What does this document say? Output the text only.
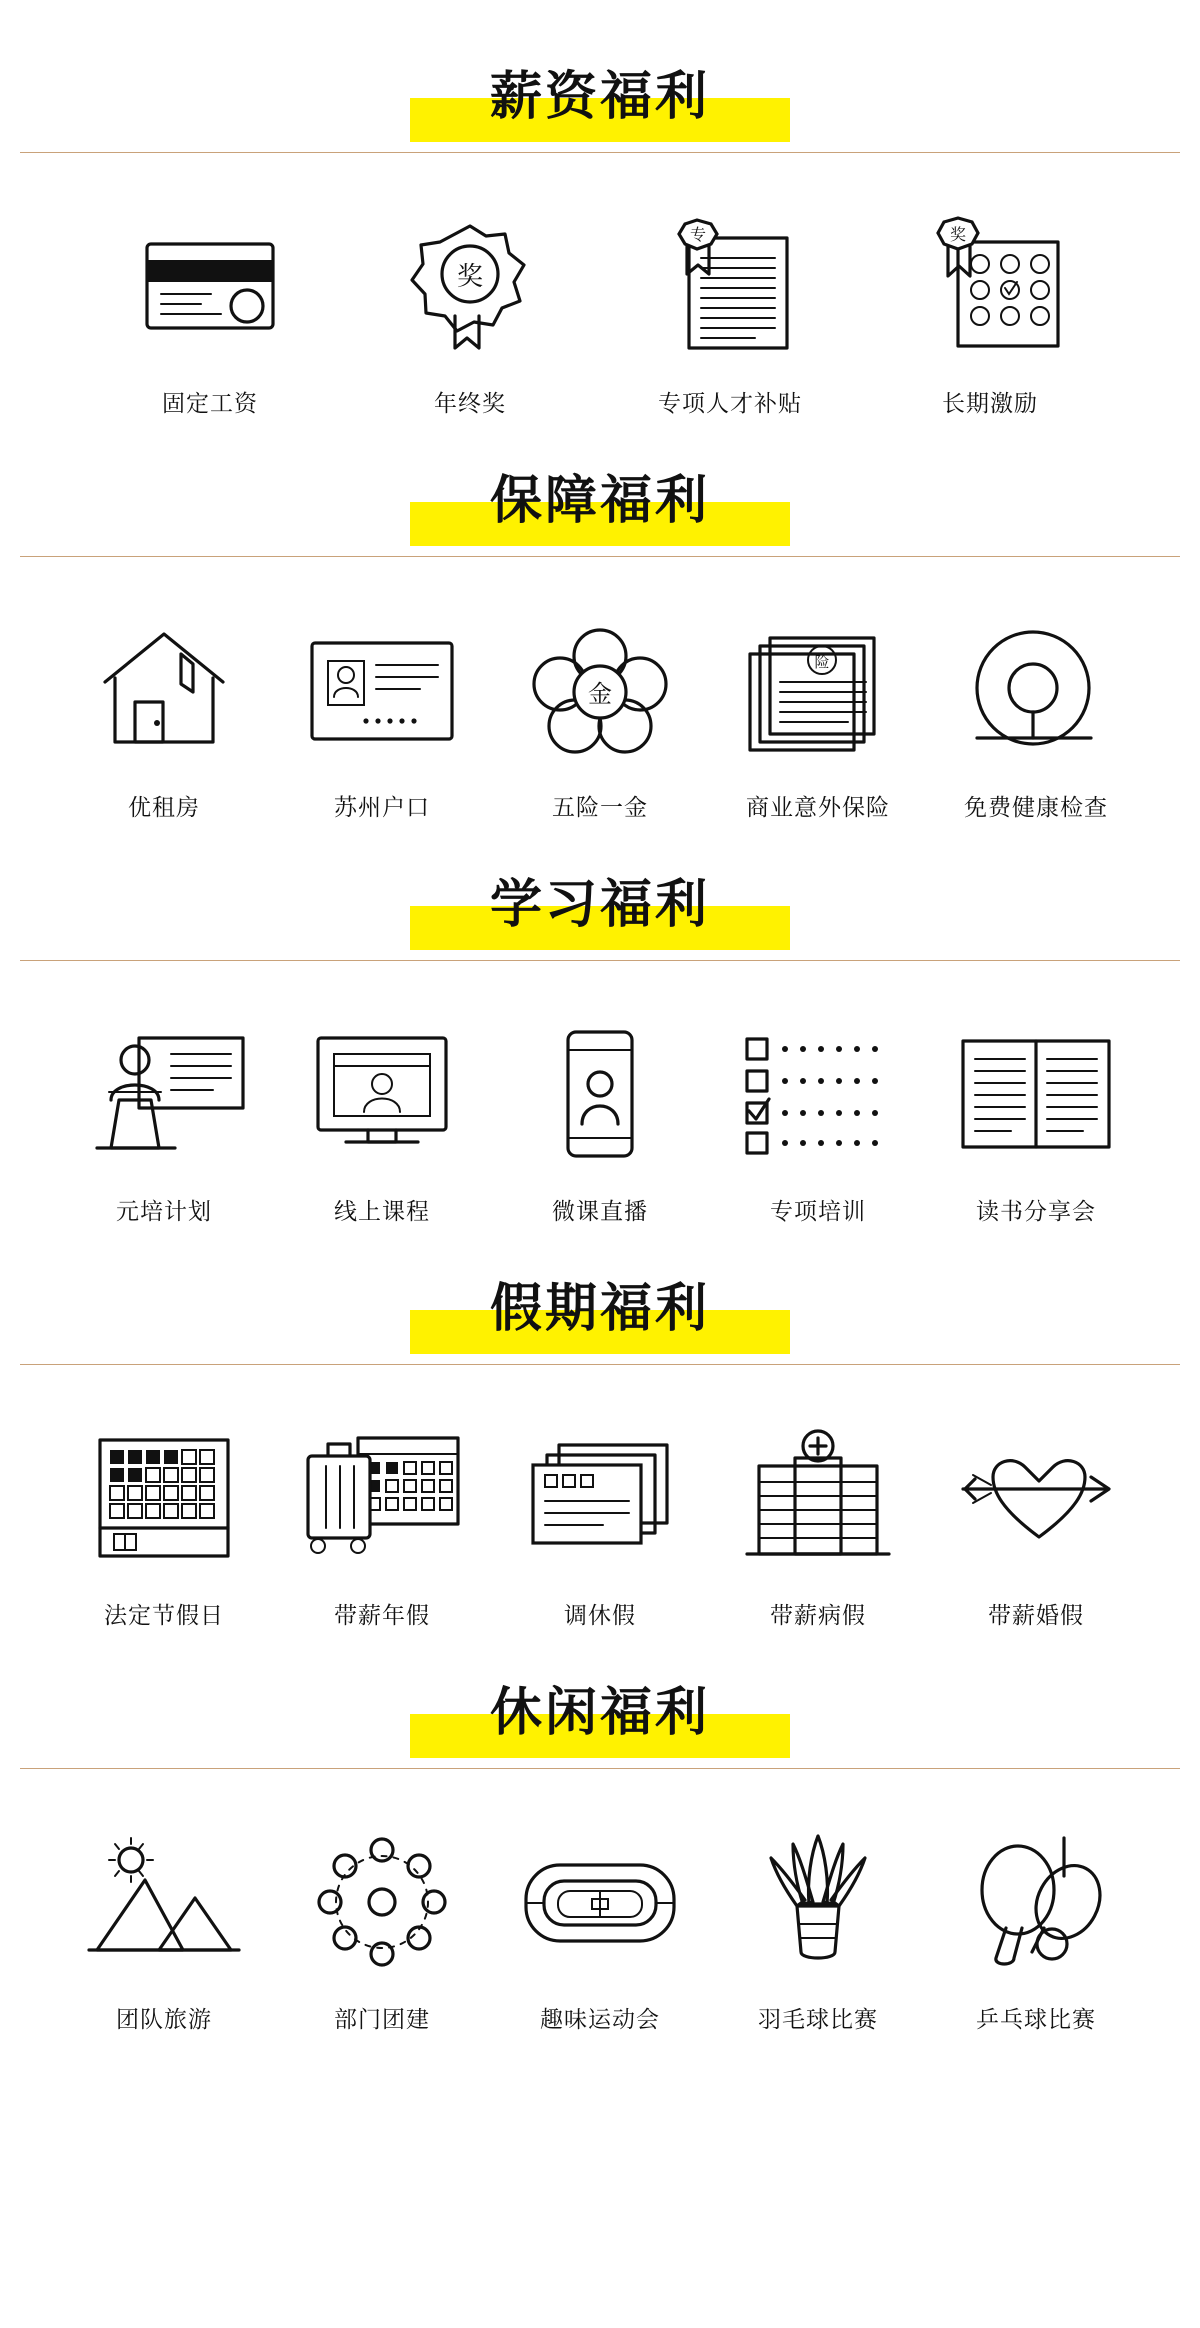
薪资福利
固定工资
奖
年终奖
专
专项人才补贴
奖
长期激励
保障福利
优租房	苏州户口
金
五险一金
险
商业意外保险	免费健康检查
学习福利
元培计划	线上课程	微课直播	专项培训	读书分享会
假期福利
法定节假日	带薪年假	调休假	带薪病假	带薪婚假
休闲福利
团队旅游	部门团建	趣味运动会	羽毛球比赛	乒乓球比赛
